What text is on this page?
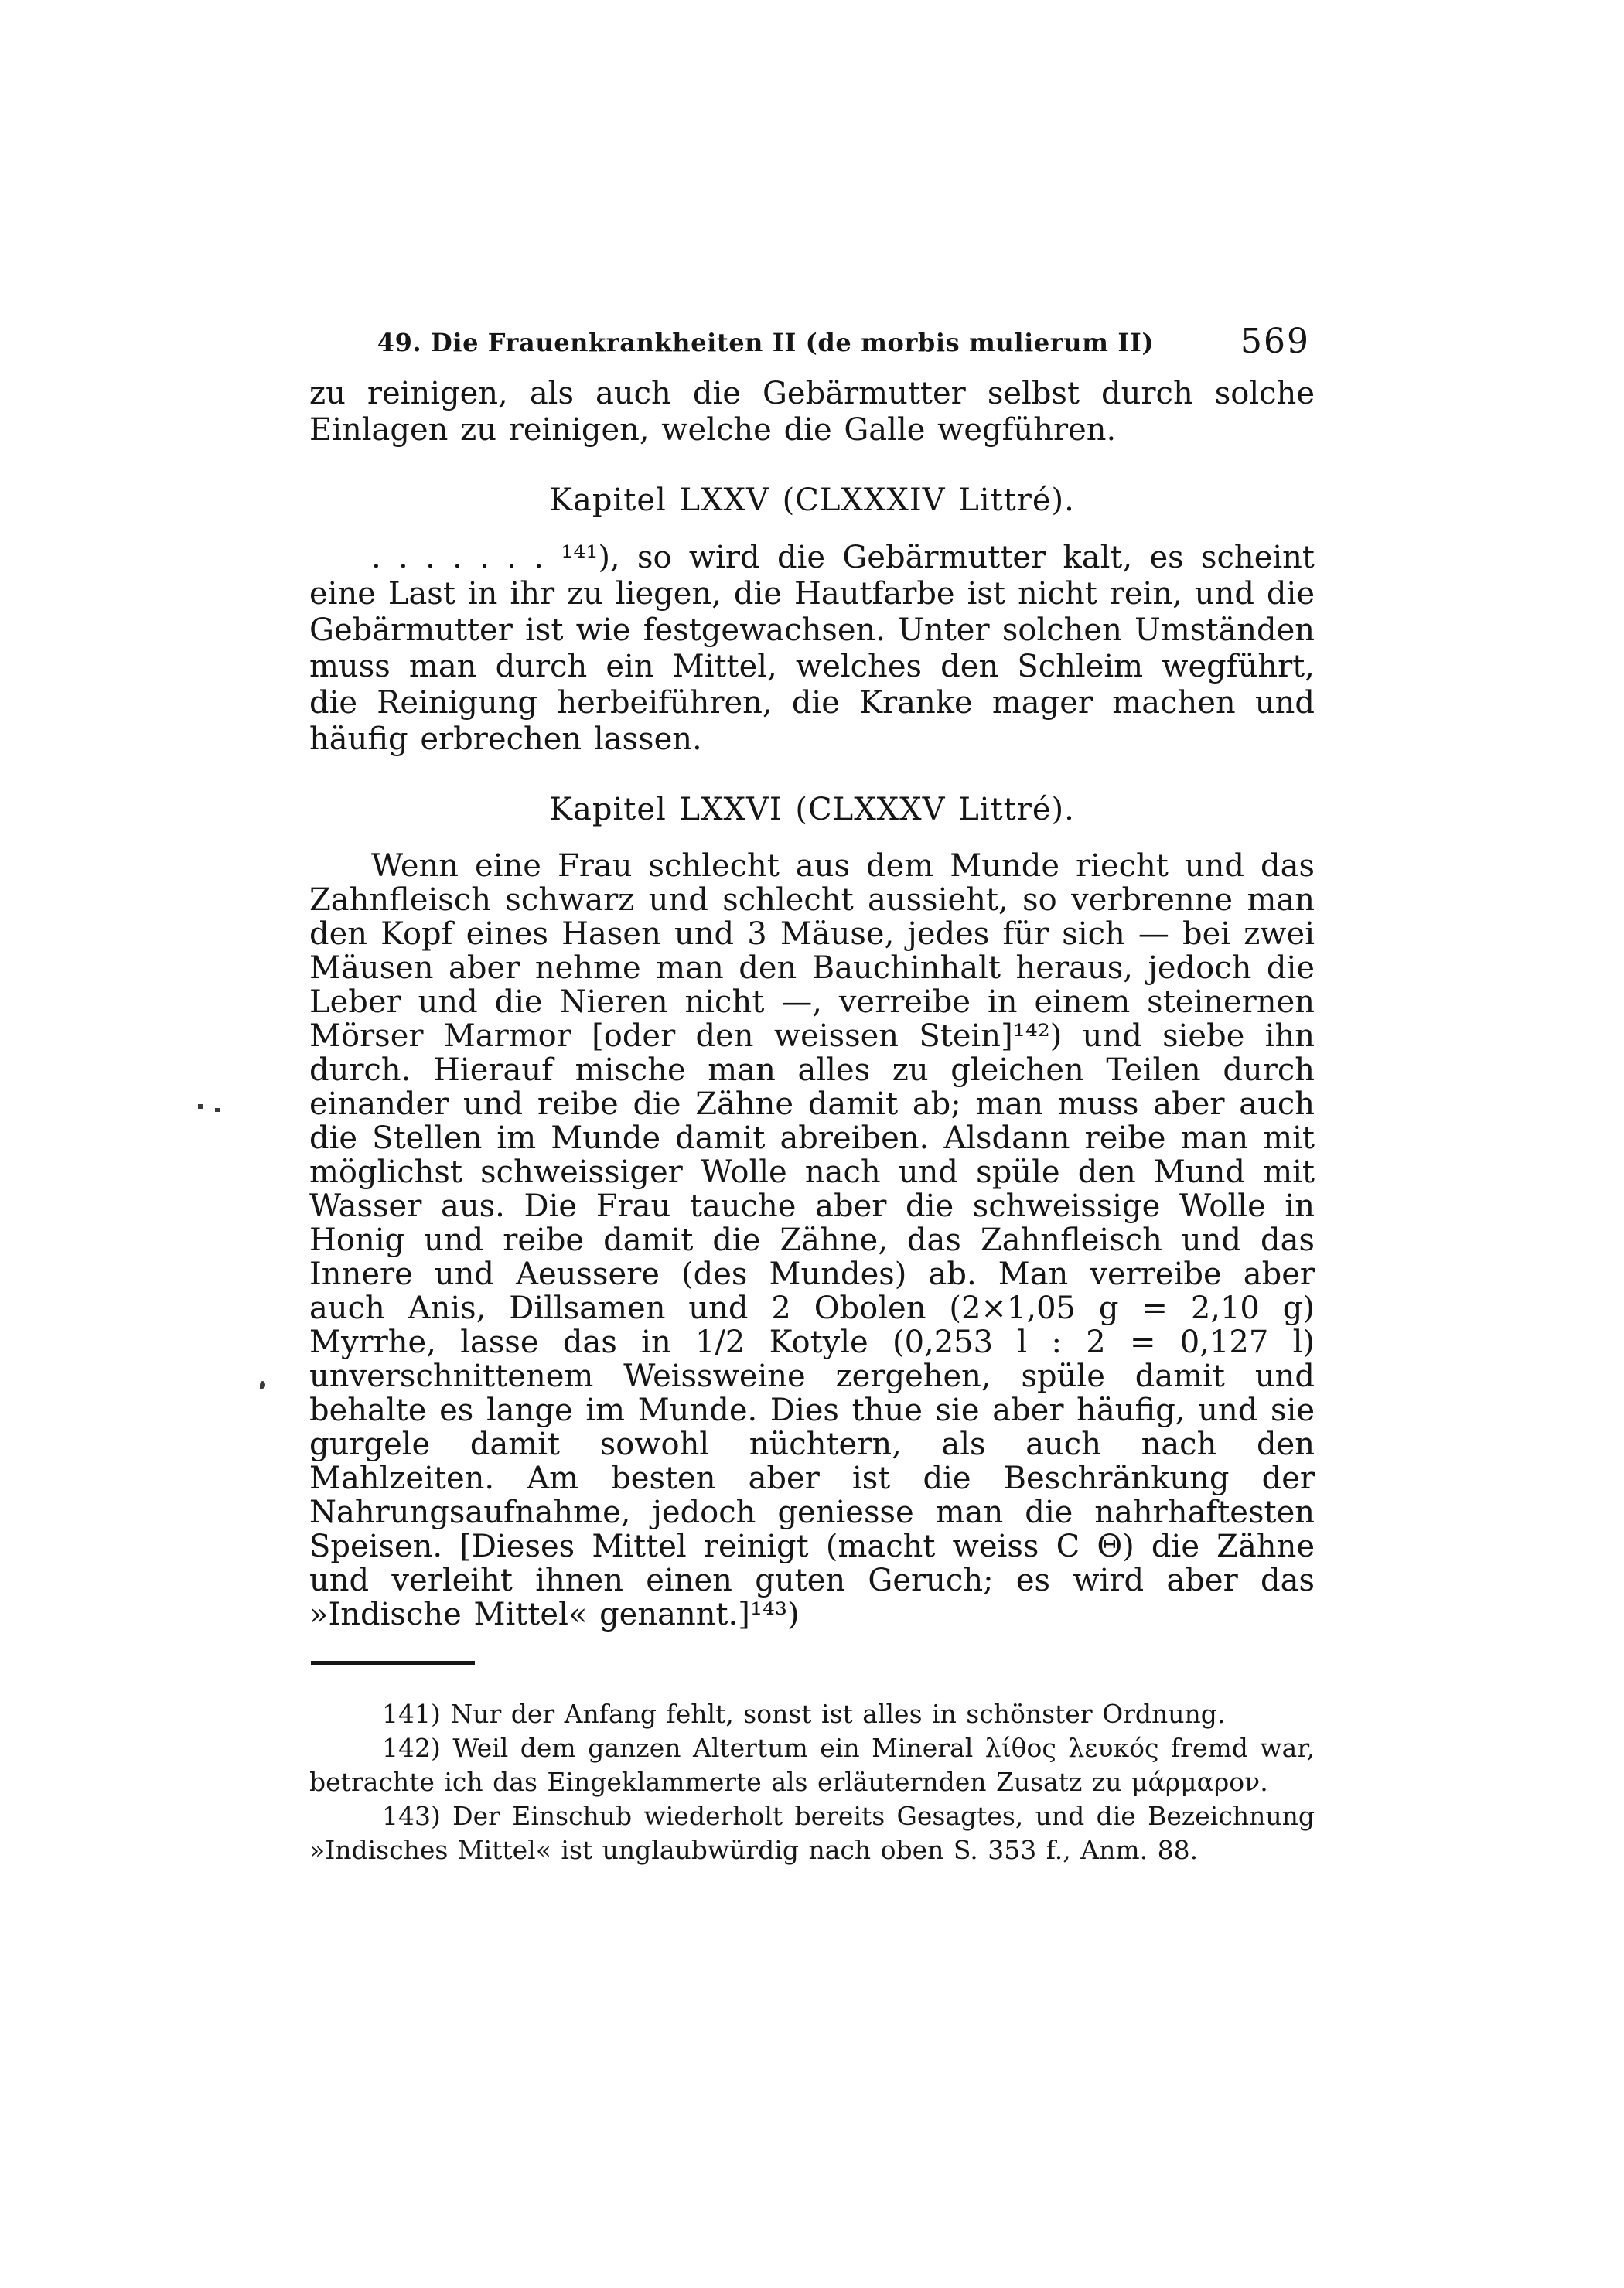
49. Die Frauenkrankheiten II (de morbis mulierum II)	569

zu reinigen, als auch die Gebärmutter selbst durch solche Einlagen zu reinigen, welche die Galle wegführen.

Kapitel LXXV (CLXXXIV Littré).

. . . . . . . ¹⁴¹), so wird die Gebärmutter kalt, es scheint eine Last in ihr zu liegen, die Hautfarbe ist nicht rein, und die Gebärmutter ist wie festgewachsen. Unter solchen Umständen muss man durch ein Mittel, welches den Schleim wegführt, die Reinigung herbeiführen, die Kranke mager machen und häufig erbrechen lassen.

Kapitel LXXVI (CLXXXV Littré).

Wenn eine Frau schlecht aus dem Munde riecht und das Zahnfleisch schwarz und schlecht aussieht, so verbrenne man den Kopf eines Hasen und 3 Mäuse, jedes für sich — bei zwei Mäusen aber nehme man den Bauchinhalt heraus, jedoch die Leber und die Nieren nicht —, verreibe in einem steinernen Mörser Marmor [oder den weissen Stein]¹⁴²) und siebe ihn durch. Hierauf mische man alles zu gleichen Teilen durch einander und reibe die Zähne damit ab; man muss aber auch die Stellen im Munde damit abreiben. Alsdann reibe man mit möglichst schweissiger Wolle nach und spüle den Mund mit Wasser aus. Die Frau tauche aber die schweissige Wolle in Honig und reibe damit die Zähne, das Zahnfleisch und das Innere und Aeussere (des Mundes) ab. Man verreibe aber auch Anis, Dillsamen und 2 Obolen (2×1,05 g = 2,10 g) Myrrhe, lasse das in 1/2 Kotyle (0,253 l : 2 = 0,127 l) unverschnittenem Weissweine zergehen, spüle damit und behalte es lange im Munde. Dies thue sie aber häufig, und sie gurgele damit sowohl nüchtern, als auch nach den Mahlzeiten. Am besten aber ist die Beschränkung der Nahrungsaufnahme, jedoch geniesse man die nahrhaftesten Speisen. [Dieses Mittel reinigt (macht weiss C Θ) die Zähne und verleiht ihnen einen guten Geruch; es wird aber das »Indische Mittel« genannt.]¹⁴³)

141) Nur der Anfang fehlt, sonst ist alles in schönster Ordnung.

142) Weil dem ganzen Altertum ein Mineral λίθος λευκός fremd war, betrachte ich das Eingeklammerte als erläuternden Zusatz zu μάρμαρον.

143) Der Einschub wiederholt bereits Gesagtes, und die Bezeichnung »Indisches Mittel« ist unglaubwürdig nach oben S. 353 f., Anm. 88.
